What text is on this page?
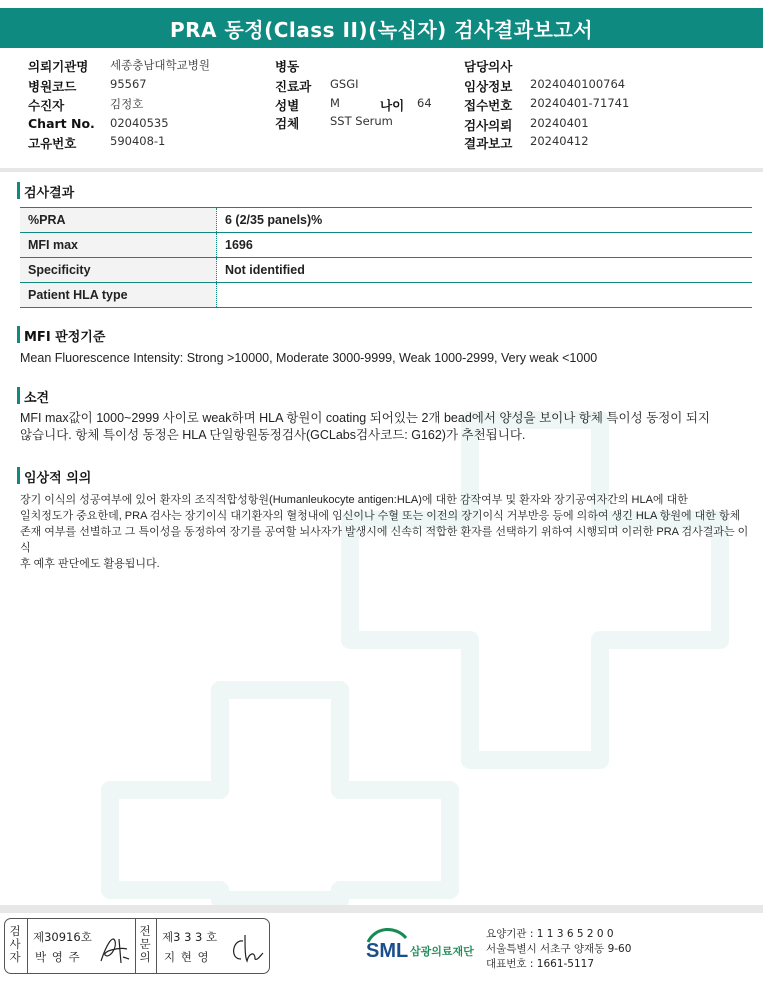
PRA 동정(Class II)(녹십자) 검사결과보고서
의뢰기관명 세종충남대학교병원
병원코드	95567
수진자	김정호
Chart No. 02040535
고유번호	590408-1
병동
진료과 GSGI
성별	M	나이 64
검체	SST Serum
담당의사
임상정보 2024040100764
접수번호 20240401-71741
검사의뢰 20240401
결과보고 20240412
검사결과
%PRA	6 (2/35 panels)%
MFI max	1696
Specificity	Not identified
Patient HLA type	
MFI 판정기준
Mean Fluorescence Intensity: Strong >10000, Moderate 3000-9999, Weak 1000-2999, Very weak <1000
소견
MFI max값이 1000~2999 사이로 weak하며 HLA 항원이 coating 되어있는 2개 bead에서 양성을 보이나 항체 특이성 동정이 되지
않습니다. 항체 특이성 동정은 HLA 단일항원동정검사(GCLabs검사코드: G162)가 추천됩니다.
임상적 의의
장기 이식의 성공여부에 있어 환자의 조직적합성항원(Humanleukocyte antigen:HLA)에 대한 감작여부 및 환자와 장기공여자간의 HLA에 대한
일치정도가 중요한데, PRA 검사는 장기이식 대기환자의 혈청내에 임신이나 수혈 또는 이전의 장기이식 거부반응 등에 의하여 생긴 HLA 항원에 대한 항체
존재 여부를 선별하고 그 특이성을 동정하여 장기를 공여할 뇌사자가 발생시에 신속히 적합한 환자를 선택하기 위하여 시행되며 이러한 PRA 검사결과는 이식
후 예후 판단에도 활용됩니다.
검
사
자
제30916호
박 영 주
전
문
의
제3 3 3 호
지 현 영	SML 삼광의료재단
요양기관 : 1 1 3 6 5 2 0 0
서울특별시 서초구 양재동 9-60
대표번호 : 1661-5117
